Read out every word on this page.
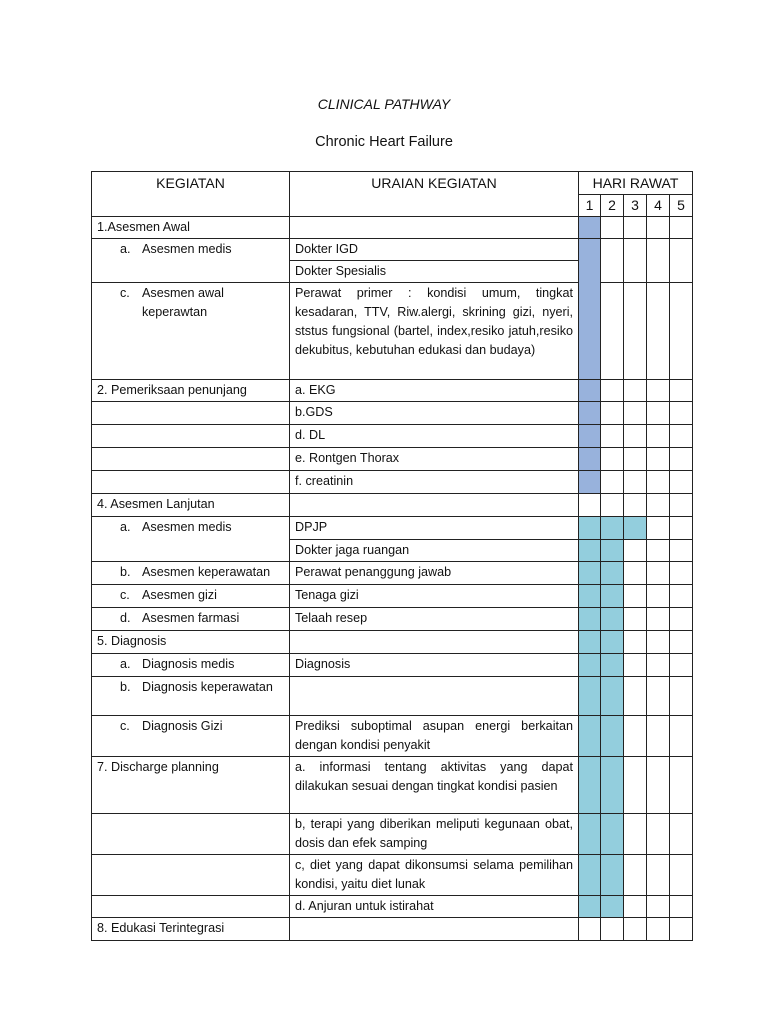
CLINICAL PATHWAY
Chronic Heart Failure
KEGIATAN	URAIAN KEGIATAN	HARI RAWAT				
		1	2	3	4	5
1.Asesmen Awal						

a. Asesmen medis	Dokter IGD					
	Dokter Spesialis					

c. Asesmen awal keperawtan	Perawat primer : kondisi umum, tingkat kesadaran, TTV, Riw.alergi, skrining gizi, nyeri, ststus fungsional (bartel, index,resiko jatuh,resiko dekubitus, kebutuhan edukasi dan budaya)					
2. Pemeriksaan penunjang	a. EKG					
	b.GDS					
	d. DL					
	e. Rontgen Thorax					
	f. creatinin					
4. Asesmen Lanjutan						

a. Asesmen medis	DPJP					
	Dokter jaga ruangan					

b. Asesmen keperawatan	Perawat penanggung jawab					

c. Asesmen gizi	Tenaga gizi					

d. Asesmen farmasi	Telaah resep					
5. Diagnosis						

a. Diagnosis medis	Diagnosis					

b. Diagnosis keperawatan						

c. Diagnosis Gizi	Prediksi suboptimal asupan energi berkaitan dengan kondisi penyakit					
7. Discharge planning	a. informasi tentang aktivitas yang dapat dilakukan sesuai dengan tingkat kondisi pasien					
	b, terapi yang diberikan meliputi kegunaan obat, dosis dan efek samping					
	c, diet yang dapat dikonsumsi selama pemilihan kondisi, yaitu diet lunak					
	d. Anjuran untuk istirahat					
8. Edukasi Terintegrasi						
